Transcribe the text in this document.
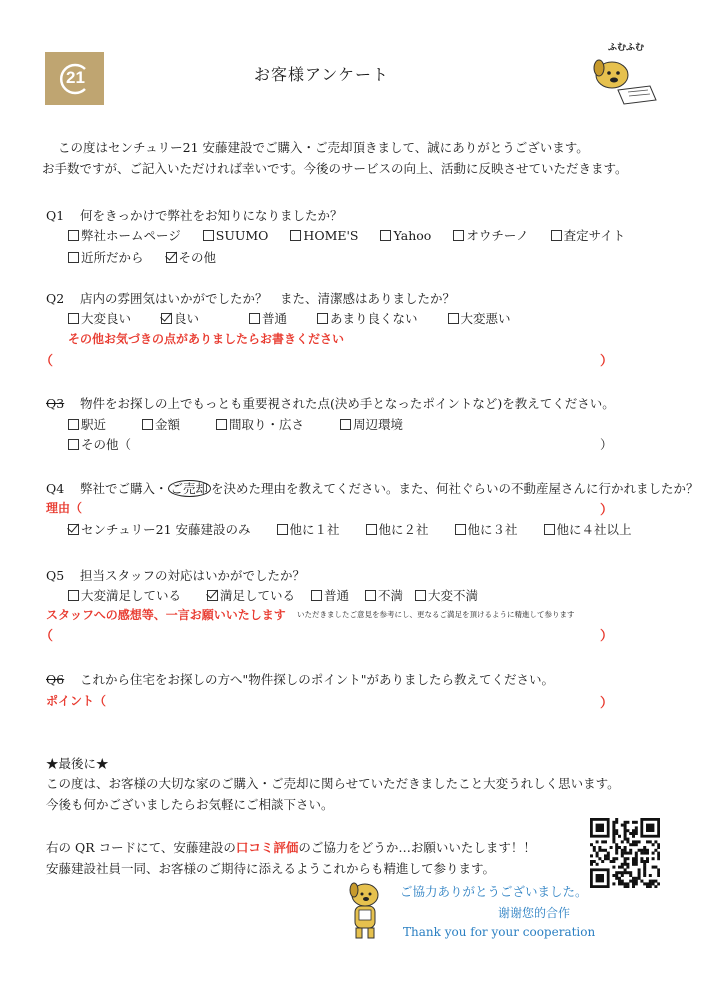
21	お客様アンケート
ふむふむ
この度はセンチュリー21 安藤建設でご購入・ご売却頂きまして、誠にありがとうございます。
お手数ですが、ご記入いただければ幸いです。今後のサービスの向上、活動に反映させていただきます。
Q1 何をきっかけで弊社をお知りになりましたか？
弊社ホームページ	SUUMO	HOME'S	Yahoo	オウチーノ	査定サイト
近所だから	その他
Q2 店内の雰囲気はいかがでしたか？　また、清潔感はありましたか？
大変良い	良い	普通	あまり良くない	大変悪い
その他お気づきの点がありましたらお書きください
（	）
Q3 物件をお探しの上でもっとも重要視された点(決め手となったポイントなど)を教えてください。
駅近	金額	間取り・広さ	周辺環境
その他（	）
Q4 弊社でご購入・ ご売却 を決めた理由を教えてください。また、何社ぐらいの不動産屋さんに行かれましたか？
理由（	）
センチュリー21 安藤建設のみ	他に１社	他に２社	他に３社	他に４社以上
Q5 担当スタッフの対応はいかがでしたか？
大変満足している	満足している 普通 不満 大変不満
スタッフへの感想等、一言お願いいたします いただきましたご意見を参考にし、更なるご満足を頂けるように精進して参ります
（	）
Q6 これから住宅をお探しの方へ"物件探しのポイント"がありましたら教えてください。
ポイント（	）
★最後に★
この度は、お客様の大切な家のご購入・ご売却に関らせていただきましたこと大変うれしく思います。
今後も何かございましたらお気軽にご相談下さい。
右の QR コードにて、安藤建設の口コミ評価のご協力をどうか…お願いいたします！！
安藤建設社員一同、お客様のご期待に添えるようこれからも精進して参ります。
ご協力ありがとうございました。
谢谢您的合作
Thank you for your cooperation
